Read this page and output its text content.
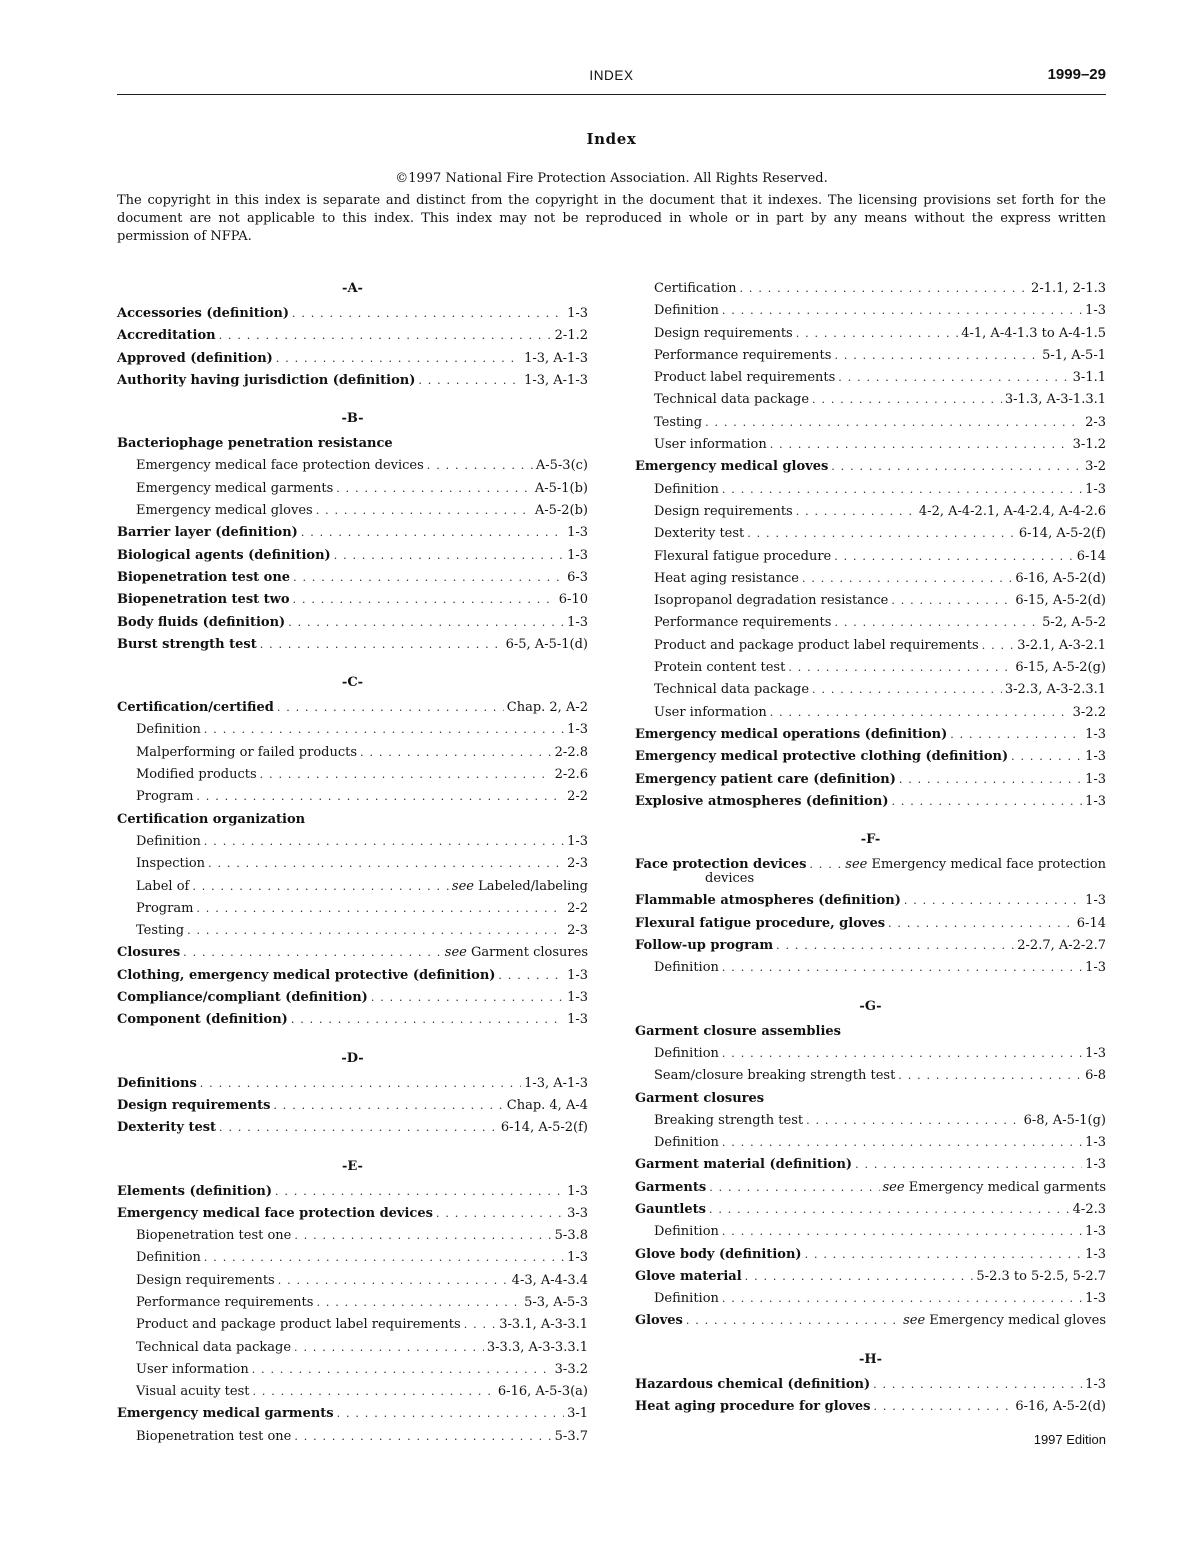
INDEX	1999–29
Index
©1997 National Fire Protection Association. All Rights Reserved.
The copyright in this index is separate and distinct from the copyright in the document that it indexes. The licensing provisions set forth for the document are not applicable to this index. This index may not be reproduced in whole or in part by any means without the express written permission of NFPA.
-A-
Accessories (definition) . . .	1-3
Accreditation . . .	2-1.2
Approved (definition) . . .	1-3, A-1-3
Authority having jurisdiction (definition) . . .	1-3, A-1-3
-B-
Bacteriophage penetration resistance
Emergency medical face protection devices . . .	A-5-3(c)
Emergency medical garments . . .	A-5-1(b)
Emergency medical gloves . . .	A-5-2(b)
Barrier layer (definition) . . .	1-3
Biological agents (definition) . . .	1-3
Biopenetration test one . . .	6-3
Biopenetration test two . . .	6-10
Body fluids (definition) . . .	1-3
Burst strength test . . .	6-5, A-5-1(d)
-C-
Certification/certified . . .	Chap. 2, A-2
Definition . . .	1-3
Malperforming or failed products . . .	2-2.8
Modified products . . .	2-2.6
Program . . .	2-2
Certification organization
Definition . . .	1-3
Inspection . . .	2-3
Label of . . .	see Labeled/labeling
Program . . .	2-2
Testing . . .	2-3
Closures . . .	see Garment closures
Clothing, emergency medical protective (definition) . . .	1-3
Compliance/compliant (definition) . . .	1-3
Component (definition) . . .	1-3
-D-
Definitions . . .	1-3, A-1-3
Design requirements . . .	Chap. 4, A-4
Dexterity test . . .	6-14, A-5-2(f)
-E-
Elements (definition) . . .	1-3
Emergency medical face protection devices . . .	3-3
Biopenetration test one . . .	5-3.8
Definition . . .	1-3
Design requirements . . .	4-3, A-4-3.4
Performance requirements . . .	5-3, A-5-3
Product and package product label requirements . . .	3-3.1, A-3-3.1
Technical data package . . .	3-3.3, A-3-3.3.1
User information . . .	3-3.2
Visual acuity test . . .	6-16, A-5-3(a)
Emergency medical garments . . .	3-1
Biopenetration test one . . .	5-3.7
Certification . . .	2-1.1, 2-1.3
Definition . . .	1-3
Design requirements . . .	4-1, A-4-1.3 to A-4-1.5
Performance requirements . . .	5-1, A-5-1
Product label requirements . . .	3-1.1
Technical data package . . .	3-1.3, A-3-1.3.1
Testing . . .	2-3
User information . . .	3-1.2
Emergency medical gloves . . .	3-2
Definition . . .	1-3
Design requirements . . .	4-2, A-4-2.1, A-4-2.4, A-4-2.6
Dexterity test . . .	6-14, A-5-2(f)
Flexural fatigue procedure . . .	6-14
Heat aging resistance . . .	6-16, A-5-2(d)
Isopropanol degradation resistance . . .	6-15, A-5-2(d)
Performance requirements . . .	5-2, A-5-2
Product and package product label requirements . . .	3-2.1, A-3-2.1
Protein content test . . .	6-15, A-5-2(g)
Technical data package . . .	3-2.3, A-3-2.3.1
User information . . .	3-2.2
Emergency medical operations (definition) . . .	1-3
Emergency medical protective clothing (definition) . . .	1-3
Emergency patient care (definition) . . .	1-3
Explosive atmospheres (definition) . . .	1-3
-F-
Face protection devices . . .	see Emergency medical face protection
devices
Flammable atmospheres (definition) . . .	1-3
Flexural fatigue procedure, gloves . . .	6-14
Follow-up program . . .	2-2.7, A-2-2.7
Definition . . .	1-3
-G-
Garment closure assemblies
Definition . . .	1-3
Seam/closure breaking strength test . . .	6-8
Garment closures
Breaking strength test . . .	6-8, A-5-1(g)
Definition . . .	1-3
Garment material (definition) . . .	1-3
Garments . . .	see Emergency medical garments
Gauntlets . . .	4-2.3
Definition . . .	1-3
Glove body (definition) . . .	1-3
Glove material . . .	5-2.3 to 5-2.5, 5-2.7
Definition . . .	1-3
Gloves . . .	see Emergency medical gloves
-H-
Hazardous chemical (definition) . . .	1-3
Heat aging procedure for gloves . . .	6-16, A-5-2(d)
1997 Edition
